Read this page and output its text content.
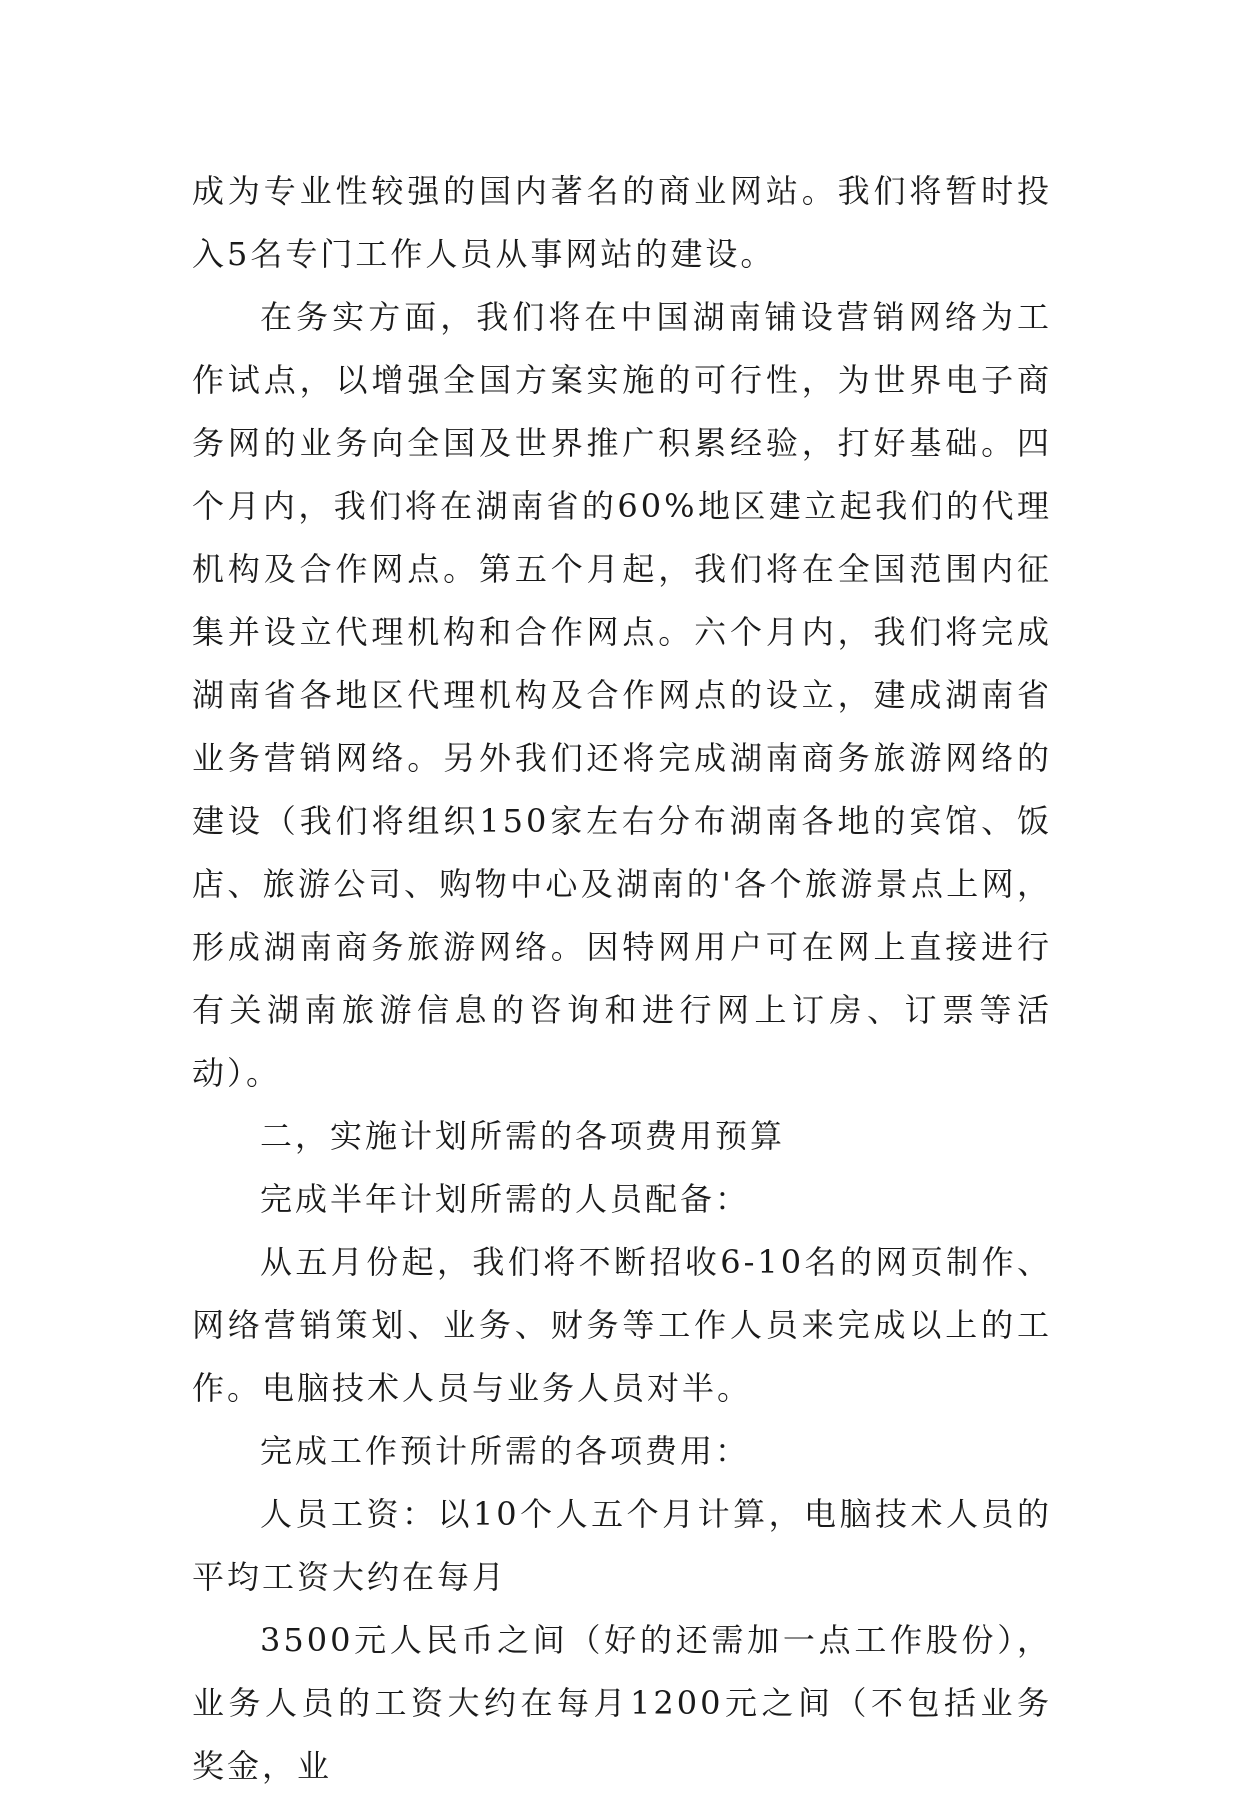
成为专业性较强的国内著名的商业网站。我们将暂时投入5名专门工作人员从事网站的建设。

在务实方面，我们将在中国湖南铺设营销网络为工作试点，以增强全国方案实施的可行性，为世界电子商务网的业务向全国及世界推广积累经验，打好基础。四个月内，我们将在湖南省的60%地区建立起我们的代理机构及合作网点。第五个月起，我们将在全国范围内征集并设立代理机构和合作网点。六个月内，我们将完成湖南省各地区代理机构及合作网点的设立，建成湖南省业务营销网络。另外我们还将完成湖南商务旅游网络的建设（我们将组织150家左右分布湖南各地的宾馆、饭店、旅游公司、购物中心及湖南的'各个旅游景点上网，形成湖南商务旅游网络。因特网用户可在网上直接进行有关湖南旅游信息的咨询和进行网上订房、订票等活动）。

二，实施计划所需的各项费用预算

完成半年计划所需的人员配备：

从五月份起，我们将不断招收6-10名的网页制作、网络营销策划、业务、财务等工作人员来完成以上的工作。电脑技术人员与业务人员对半。

完成工作预计所需的各项费用：

人员工资：以10个人五个月计算，电脑技术人员的平均工资大约在每月

3500元人民币之间（好的还需加一点工作股份），业务人员的工资大约在每月1200元之间（不包括业务奖金，业
